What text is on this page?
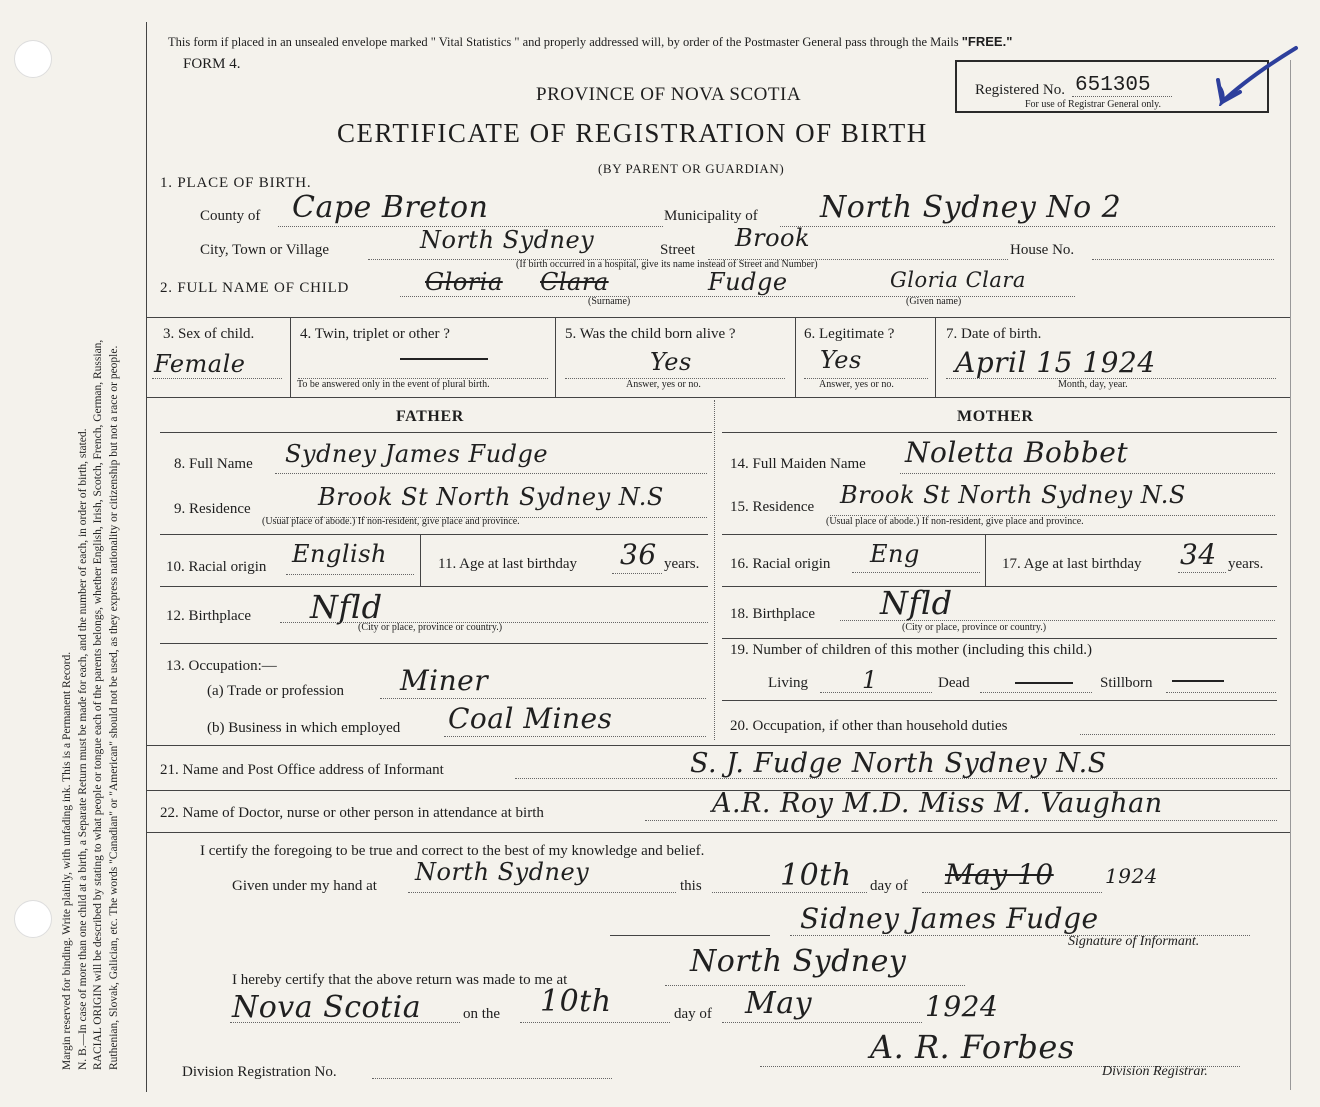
Margin reserved for binding. Write plainly, with unfading ink. This is a Permanent Record. N. B.—In case of more than one child at a birth, a Separate Return must be made for each, and the number of each, in order of birth, stated. RACIAL ORIGIN will be described by stating to what people or tongue each of the parents belongs, whether English, Irish, Scotch, French, German, Russian, Ruthenian, Slovak, Galician, etc. The words "Canadian" or "American" should not be used, as they express nationality or citizenship but not a race or people.
This form if placed in an unsealed envelope marked " Vital Statistics " and properly addressed will, by order of the Postmaster General pass through the Mails "FREE."
FORM 4.
PROVINCE OF NOVA SCOTIA
CERTIFICATE OF REGISTRATION OF BIRTH
(BY PARENT OR GUARDIAN)
Registered No. 651305
For use of Registrar General only.
1. PLACE OF BIRTH.
County of Cape Breton	Municipality of North Sydney No 2
City, Town or Village	North Sydney	Street Brook	House No.
(If birth occurred in a hospital, give its name instead of Street and Number)
2. FULL NAME OF CHILD	Gloria Clara	Fudge	Gloria Clara
(Surname)	(Given name)
3. Sex of child.
Female
4. Twin, triplet or other ?
To be answered only in the event of plural birth.
5. Was the child born alive ?
Yes
Answer, yes or no.
6. Legitimate ?
Yes
Answer, yes or no.
7. Date of birth.
April 15 1924
Month, day, year.
FATHER	MOTHER
8. Full Name Sydney James Fudge
9. Residence	Brook St North Sydney N.S
(Usual place of abode.) If non-resident, give place and province.
10. Racial origin English	11. Age at last birthday 36 years.
12. Birthplace Nfld
(City or place, province or country.)
13. Occupation:—
(a) Trade or profession Miner
(b) Business in which employed Coal Mines
14. Full Maiden Name Noletta Bobbet
15. Residence Brook St North Sydney N.S
(Usual place of abode.) If non-resident, give place and province.
16. Racial origin Eng	17. Age at last birthday 34 years.
18. Birthplace Nfld
(City or place, province or country.)
19. Number of children of this mother (including this child.)
Living 1	Dead	Stillborn
20. Occupation, if other than household duties
21. Name and Post Office address of Informant	S. J. Fudge North Sydney N.S
22. Name of Doctor, nurse or other person in attendance at birth	A.R. Roy M.D. Miss M. Vaughan
I certify the foregoing to be true and correct to the best of my knowledge and belief.
Given under my hand at North Sydney	this	10th day of May 10	1924
Sidney James Fudge
Signature of Informant.
I hereby certify that the above return was made to me at
North Sydney
Nova Scotia	on the 10th	day of May	1924
A. R. Forbes
Division Registration No.	Division Registrar.
